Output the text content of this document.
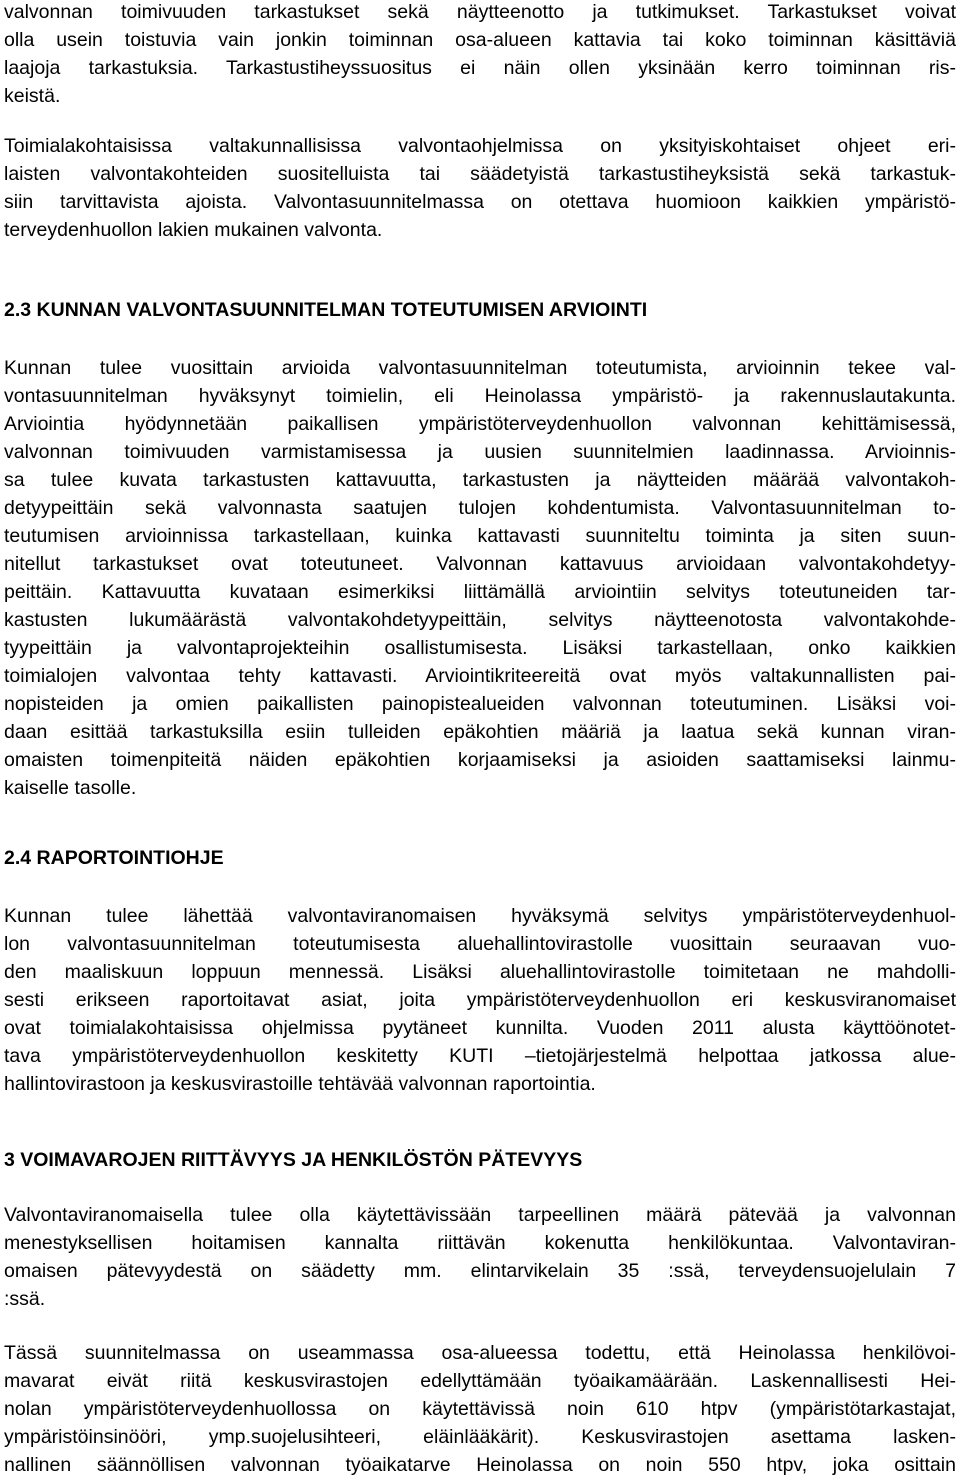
valvonnan toimivuuden tarkastukset sekä näytteenotto ja tutkimukset. Tarkastukset voivat

olla usein toistuvia vain jonkin toiminnan osa-alueen kattavia tai koko toiminnan käsittäviä

laajoja tarkastuksia. Tarkastustiheyssuositus ei näin ollen yksinään kerro toiminnan ris-

keistä.

Toimialakohtaisissa valtakunnallisissa valvontaohjelmissa on yksityiskohtaiset ohjeet eri-

laisten valvontakohteiden suositelluista tai säädetyistä tarkastustiheyksistä sekä tarkastuk-

siin tarvittavista ajoista. Valvontasuunnitelmassa on otettava huomioon kaikkien ympäristö-

terveydenhuollon lakien mukainen valvonta.

2.3 KUNNAN VALVONTASUUNNITELMAN TOTEUTUMISEN ARVIOINTI

Kunnan tulee vuosittain arvioida valvontasuunnitelman toteutumista, arvioinnin tekee val-

vontasuunnitelman hyväksynyt toimielin, eli Heinolassa ympäristö- ja rakennuslautakunta.

Arviointia hyödynnetään paikallisen ympäristöterveydenhuollon valvonnan kehittämisessä,

valvonnan toimivuuden varmistamisessa ja uusien suunnitelmien laadinnassa. Arvioinnis-

sa tulee kuvata tarkastusten kattavuutta, tarkastusten ja näytteiden määrää valvontakoh-

detyypeittäin sekä valvonnasta saatujen tulojen kohdentumista. Valvontasuunnitelman to-

teutumisen arvioinnissa tarkastellaan, kuinka kattavasti suunniteltu toiminta ja siten suun-

nitellut tarkastukset ovat toteutuneet. Valvonnan kattavuus arvioidaan valvontakohdetyy-

peittäin. Kattavuutta kuvataan esimerkiksi liittämällä arviointiin selvitys toteutuneiden tar-

kastusten lukumäärästä valvontakohdetyypeittäin, selvitys näytteenotosta valvontakohde-

tyypeittäin ja valvontaprojekteihin osallistumisesta. Lisäksi tarkastellaan, onko kaikkien

toimialojen valvontaa tehty kattavasti. Arviointikriteereitä ovat myös valtakunnallisten pai-

nopisteiden ja omien paikallisten painopistealueiden valvonnan toteutuminen. Lisäksi voi-

daan esittää tarkastuksilla esiin tulleiden epäkohtien määriä ja laatua sekä kunnan viran-

omaisten toimenpiteitä näiden epäkohtien korjaamiseksi ja asioiden saattamiseksi lainmu-

kaiselle tasolle.

2.4 RAPORTOINTIOHJE

Kunnan tulee lähettää valvontaviranomaisen hyväksymä selvitys ympäristöterveydenhuol-

lon valvontasuunnitelman toteutumisesta aluehallintovirastolle vuosittain seuraavan vuo-

den maaliskuun loppuun mennessä. Lisäksi aluehallintovirastolle toimitetaan ne mahdolli-

sesti erikseen raportoitavat asiat, joita ympäristöterveydenhuollon eri keskusviranomaiset

ovat toimialakohtaisissa ohjelmissa pyytäneet kunnilta. Vuoden 2011 alusta käyttöönotet-

tava ympäristöterveydenhuollon keskitetty KUTI –tietojärjestelmä helpottaa jatkossa alue-

hallintovirastoon ja keskusvirastoille tehtävää valvonnan raportointia.

3 VOIMAVAROJEN RIITTÄVYYS JA HENKILÖSTÖN PÄTEVYYS

Valvontaviranomaisella tulee olla käytettävissään tarpeellinen määrä pätevää ja valvonnan

menestyksellisen hoitamisen kannalta riittävän kokenutta henkilökuntaa. Valvontaviran-

omaisen pätevyydestä on säädetty mm. elintarvikelain 35 :ssä, terveydensuojelulain 7

:ssä.

Tässä suunnitelmassa on useammassa osa-alueessa todettu, että Heinolassa henkilövoi-

mavarat eivät riitä keskusvirastojen edellyttämään työaikamäärään. Laskennallisesti Hei-

nolan ympäristöterveydenhuollossa on käytettävissä noin 610 htpv (ympäristötarkastajat,

ympäristöinsinööri, ymp.suojelusihteeri, eläinlääkärit). Keskusvirastojen asettama lasken-

nallinen säännöllisen valvonnan työaikatarve Heinolassa on noin 550 htpv, joka osittain
